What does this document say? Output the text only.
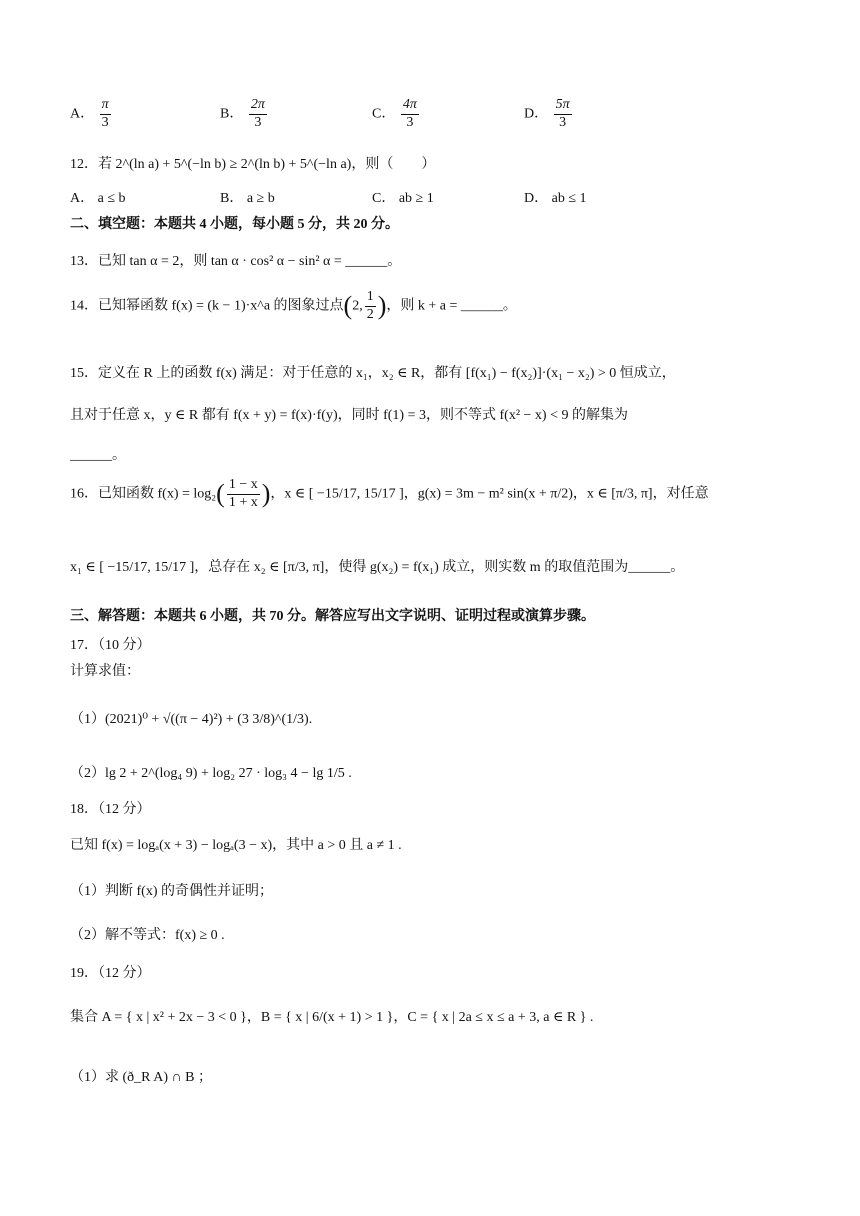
A． $\frac{\pi}{3}$	B． $\frac{2\pi}{3}$	C． $\frac{4\pi}{3}$	D． $\frac{5\pi}{3}$
12．若 2^(ln a) + 5^(−ln b) ≥ 2^(ln b) + 5^(−ln a)，则（　　）
A． a ≤ b	B． a ≥ b	C． ab ≥ 1	D． ab ≤ 1
二、填空题：本题共 4 小题，每小题 5 分，共 20 分。
13．已知 tan α = 2，则 tan α · cos² α − sin² α = ______。
14．已知幂函数 f(x) = (k − 1)·x^a 的图象过点(2, $\frac{1}{2}$ )，则 k + a = ______。
15．定义在 R 上的函数 f(x) 满足：对于任意的 x₁，x₂ ∈ R，都有 [f(x₁) − f(x₂)]·(x₁ − x₂) > 0 恒成立，
且对于任意 x，y ∈ R 都有 f(x + y) = f(x)·f(y)，同时 f(1) = 3，则不等式 f(x² − x) < 9 的解集为
______。
16．已知函数 $f(x) = \log_2( \frac{1 - x}{1 + x}$ )，x ∈ [ −15/17, 15/17 ]，g(x) = 3m − m² sin(x + π/2)，x ∈ [π/3, π]，对任意
x₁ ∈ [ −15/17, 15/17 ]，总存在 x₂ ∈ [π/3, π]，使得 g(x₂) = f(x₁) 成立，则实数 m 的取值范围为______。
三、解答题：本题共 6 小题，共 70 分。解答应写出文字说明、证明过程或演算步骤。
17．（10 分）
计算求值：
（1）(2021)⁰ + √((π − 4)²) + (3 3/8)^(1/3).
（2）lg 2 + 2^(log₄ 9) + log₂ 27 · log₃ 4 − lg 1/5 .
18．（12 分）
已知 f(x) = logₐ(x + 3) − logₐ(3 − x)，其中 a > 0 且 a ≠ 1 .
（1）判断 f(x) 的奇偶性并证明；
（2）解不等式：f(x) ≥ 0 .
19．（12 分）
集合 A = { x | x² + 2x − 3 < 0 }，B = { x | 6/(x + 1) > 1 }，C = { x | 2a ≤ x ≤ a + 3, a ∈ R } .
（1）求 (ð_R A) ∩ B ；
